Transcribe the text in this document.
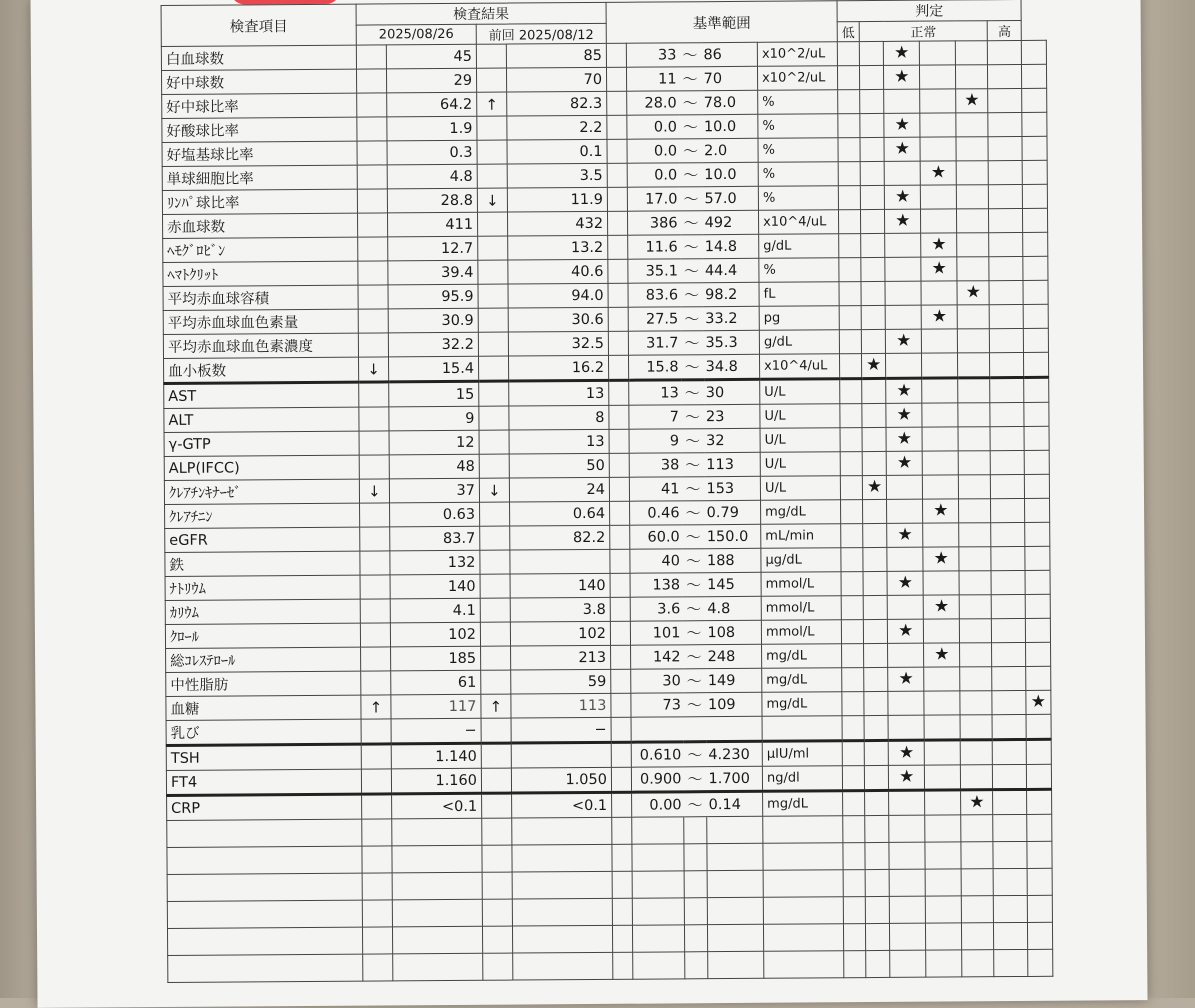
検査項目	検査結果				基準範囲					判定						
	2025/08/26		前回 2025/08/12							低	正常				高	
白血球数		45		85		33	〜	86	x10^2/uL			★				
好中球数		29		70		11	〜	70	x10^2/uL			★				
好中球比率		64.2	↑	82.3		28.0	〜	78.0	%					★		
好酸球比率		1.9		2.2		0.0	〜	10.0	%			★				
好塩基球比率		0.3		0.1		0.0	〜	2.0	%			★				
単球細胞比率		4.8		3.5		0.0	〜	10.0	%				★			
ﾘﾝﾊﾟ球比率		28.8	↓	11.9		17.0	〜	57.0	%			★				
赤血球数		411		432		386	〜	492	x10^4/uL			★				
ﾍﾓｸﾞﾛﾋﾞﾝ		12.7		13.2		11.6	〜	14.8	g/dL				★			
ﾍﾏﾄｸﾘｯﾄ		39.4		40.6		35.1	〜	44.4	%				★			
平均赤血球容積		95.9		94.0		83.6	〜	98.2	fL					★		
平均赤血球血色素量		30.9		30.6		27.5	〜	33.2	pg				★			
平均赤血球血色素濃度		32.2		32.5		31.7	〜	35.3	g/dL			★				
血小板数	↓	15.4		16.2		15.8	〜	34.8	x10^4/uL		★					
AST		15		13		13	〜	30	U/L			★				
ALT		9		8		7	〜	23	U/L			★				
γ-GTP		12		13		9	〜	32	U/L			★				
ALP(IFCC)		48		50		38	〜	113	U/L			★				
ｸﾚｱﾁﾝｷﾅｰｾﾞ	↓	37	↓	24		41	〜	153	U/L		★					
ｸﾚｱﾁﾆﾝ		0.63		0.64		0.46	〜	0.79	mg/dL				★			
eGFR		83.7		82.2		60.0	〜	150.0	mL/min			★				
鉄		132				40	〜	188	μg/dL				★			
ﾅﾄﾘｳﾑ		140		140		138	〜	145	mmol/L			★				
ｶﾘｳﾑ		4.1		3.8		3.6	〜	4.8	mmol/L				★			
ｸﾛｰﾙ		102		102		101	〜	108	mmol/L			★				
総ｺﾚｽﾃﾛｰﾙ		185		213		142	〜	248	mg/dL				★			
中性脂肪		61		59		30	〜	149	mg/dL			★				
血糖	↑	117	↑	113		73	〜	109	mg/dL							★
乳び		−		−												
TSH		1.140				0.610	〜	4.230	μIU/ml			★				
FT4		1.160		1.050		0.900	〜	1.700	ng/dl			★				
CRP		<0.1		<0.1		0.00	〜	0.14	mg/dL					★		
